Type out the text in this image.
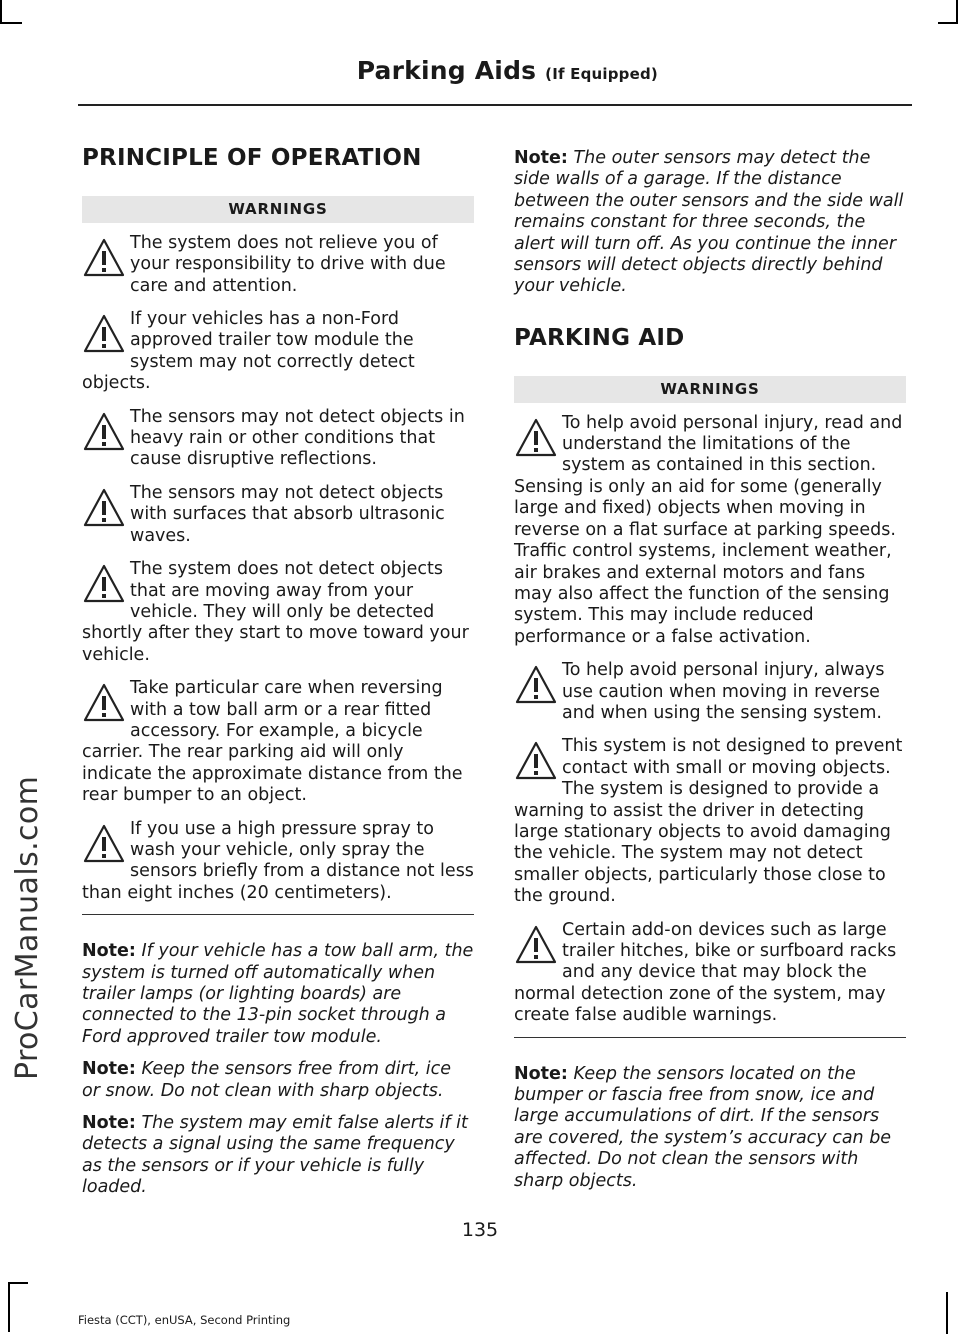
Parking Aids (If Equipped)
ProCarManuals.com
PRINCIPLE OF OPERATION
WARNINGS

The system does not relieve you of your responsibility to drive with due care and attention.

If your vehicles has a non-Ford approved trailer tow module the system may not correctly detect objects.

The sensors may not detect objects in heavy rain or other conditions that cause disruptive reflections.

The sensors may not detect objects with surfaces that absorb ultrasonic waves.

The system does not detect objects that are moving away from your vehicle. They will only be detected shortly after they start to move toward your vehicle.

Take particular care when reversing with a tow ball arm or a rear fitted accessory. For example, a bicycle carrier. The rear parking aid will only indicate the approximate distance from the rear bumper to an object.

If you use a high pressure spray to wash your vehicle, only spray the sensors briefly from a distance not less than eight inches (20 centimeters).

Note: If your vehicle has a tow ball arm, the system is turned off automatically when trailer lamps (or lighting boards) are connected to the 13-pin socket through a Ford approved trailer tow module.

Note: Keep the sensors free from dirt, ice or snow. Do not clean with sharp objects.

Note: The system may emit false alerts if it detects a signal using the same frequency as the sensors or if your vehicle is fully loaded.

Note: The outer sensors may detect the side walls of a garage. If the distance between the outer sensors and the side wall remains constant for three seconds, the alert will turn off. As you continue the inner sensors will detect objects directly behind your vehicle.

PARKING AID
WARNINGS

To help avoid personal injury, read and understand the limitations of the system as contained in this section. Sensing is only an aid for some (generally large and fixed) objects when moving in reverse on a flat surface at parking speeds. Traffic control systems, inclement weather, air brakes and external motors and fans may also affect the function of the sensing system. This may include reduced performance or a false activation.

To help avoid personal injury, always use caution when moving in reverse and when using the sensing system.

This system is not designed to prevent contact with small or moving objects. The system is designed to provide a warning to assist the driver in detecting large stationary objects to avoid damaging the vehicle. The system may not detect smaller objects, particularly those close to the ground.

Certain add-on devices such as large trailer hitches, bike or surfboard racks and any device that may block the normal detection zone of the system, may create false audible warnings.

Note: Keep the sensors located on the bumper or fascia free from snow, ice and large accumulations of dirt. If the sensors are covered, the system’s accuracy can be affected. Do not clean the sensors with sharp objects.

135
Fiesta (CCT), enUSA, Second Printing
